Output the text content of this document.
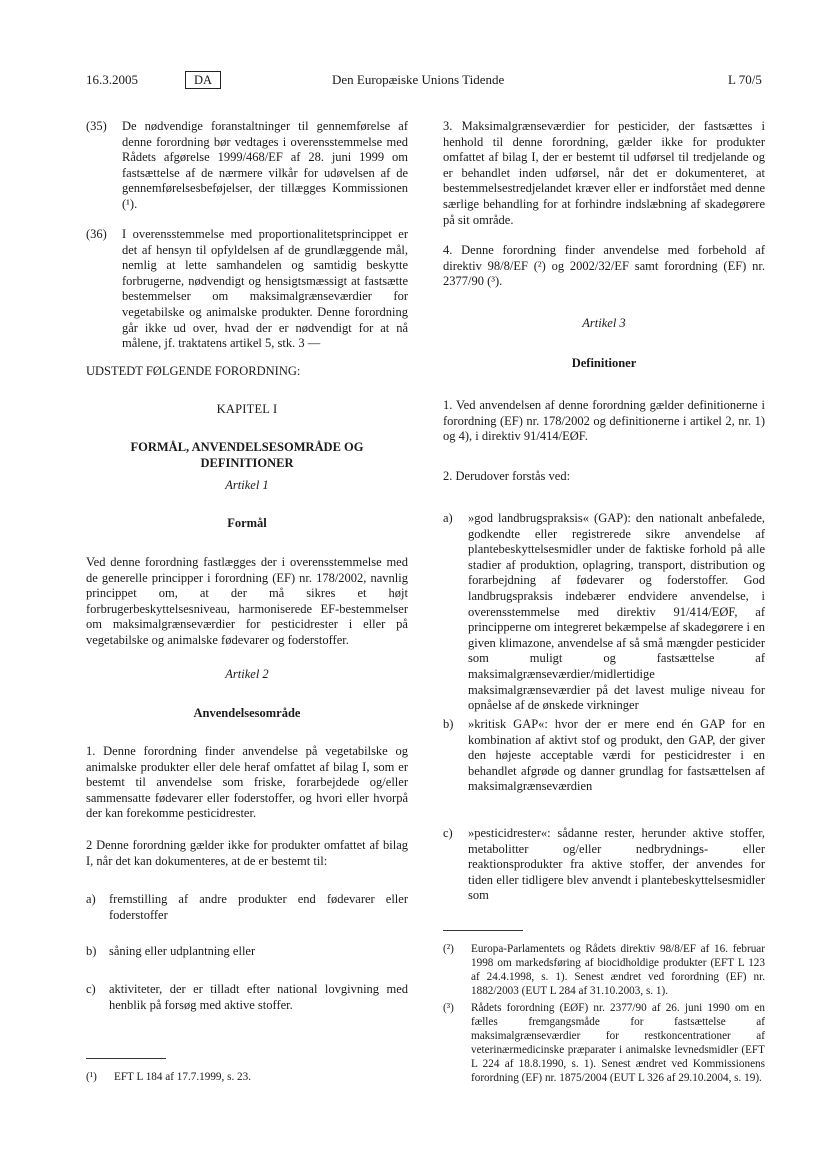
16.3.2005	DA	Den Europæiske Unions Tidende	L 70/5
(35)	De nødvendige foranstaltninger til gennemførelse af denne forordning bør vedtages i overensstemmelse med Rådets afgørelse 1999/468/EF af 28. juni 1999 om fastsættelse af de nærmere vilkår for udøvelsen af de gennemførelsesbeføjelser, der tillægges Kommissionen (¹).
(36)	I overensstemmelse med proportionalitetsprincippet er det af hensyn til opfyldelsen af de grundlæggende mål, nemlig at lette samhandelen og samtidig beskytte forbrugerne, nødvendigt og hensigtsmæssigt at fastsætte bestemmelser om maksimalgrænseværdier for vegetabilske og animalske produkter. Denne forordning går ikke ud over, hvad der er nødvendigt for at nå målene, jf. traktatens artikel 5, stk. 3 —
UDSTEDT FØLGENDE FORORDNING:
KAPITEL I
FORMÅL, ANVENDELSESOMRÅDE OG DEFINITIONER
Artikel 1
Formål
Ved denne forordning fastlægges der i overensstemmelse med de generelle principper i forordning (EF) nr. 178/2002, navnlig princippet om, at der må sikres et højt forbrugerbeskyttelsesniveau, harmoniserede EF-bestemmelser om maksimalgrænseværdier for pesticidrester i eller på vegetabilske og animalske fødevarer og foderstoffer.
Artikel 2
Anvendelsesområde
1. Denne forordning finder anvendelse på vegetabilske og animalske produkter eller dele heraf omfattet af bilag I, som er bestemt til anvendelse som friske, forarbejdede og/eller sammensatte fødevarer eller foderstoffer, og hvori eller hvorpå der kan forekomme pesticidrester.
2 Denne forordning gælder ikke for produkter omfattet af bilag I, når det kan dokumenteres, at de er bestemt til:
a)	fremstilling af andre produkter end fødevarer eller foderstoffer
b)	såning eller udplantning eller
c)	aktiviteter, der er tilladt efter national lovgivning med henblik på forsøg med aktive stoffer.
(¹) EFT L 184 af 17.7.1999, s. 23.
3. Maksimalgrænseværdier for pesticider, der fastsættes i henhold til denne forordning, gælder ikke for produkter omfattet af bilag I, der er bestemt til udførsel til tredjelande og er behandlet inden udførsel, når det er dokumenteret, at bestemmelsestredjelandet kræver eller er indforstået med denne særlige behandling for at forhindre indslæbning af skadegørere på sit område.
4. Denne forordning finder anvendelse med forbehold af direktiv 98/8/EF (²) og 2002/32/EF samt forordning (EF) nr. 2377/90 (³).
Artikel 3
Definitioner
1. Ved anvendelsen af denne forordning gælder definitionerne i forordning (EF) nr. 178/2002 og definitionerne i artikel 2, nr. 1) og 4), i direktiv 91/414/EØF.
2. Derudover forstås ved:
a)	»god landbrugspraksis« (GAP): den nationalt anbefalede, godkendte eller registrerede sikre anvendelse af plantebeskyttelsesmidler under de faktiske forhold på alle stadier af produktion, oplagring, transport, distribution og forarbejdning af fødevarer og foderstoffer. God landbrugspraksis indebærer endvidere anvendelse, i overensstemmelse med direktiv 91/414/EØF, af principperne om integreret bekæmpelse af skadegørere i en given klimazone, anvendelse af så små mængder pesticider som muligt og fastsættelse af maksimalgrænseværdier/midlertidige maksimalgrænseværdier på det lavest mulige niveau for opnåelse af de ønskede virkninger
b)	»kritisk GAP«: hvor der er mere end én GAP for en kombination af aktivt stof og produkt, den GAP, der giver den højeste acceptable værdi for pesticidrester i en behandlet afgrøde og danner grundlag for fastsættelsen af maksimalgrænseværdien
c)	»pesticidrester«: sådanne rester, herunder aktive stoffer, metabolitter og/eller nedbrydnings- eller reaktionsprodukter fra aktive stoffer, der anvendes for tiden eller tidligere blev anvendt i plantebeskyttelsesmidler som
(²) Europa-Parlamentets og Rådets direktiv 98/8/EF af 16. februar 1998 om markedsføring af biocidholdige produkter (EFT L 123 af 24.4.1998, s. 1). Senest ændret ved forordning (EF) nr. 1882/2003 (EUT L 284 af 31.10.2003, s. 1).
(³) Rådets forordning (EØF) nr. 2377/90 af 26. juni 1990 om en fælles fremgangsmåde for fastsættelse af maksimalgrænseværdier for restkoncentrationer af veterinærmedicinske præparater i animalske levnedsmidler (EFT L 224 af 18.8.1990, s. 1). Senest ændret ved Kommissionens forordning (EF) nr. 1875/2004 (EUT L 326 af 29.10.2004, s. 19).
